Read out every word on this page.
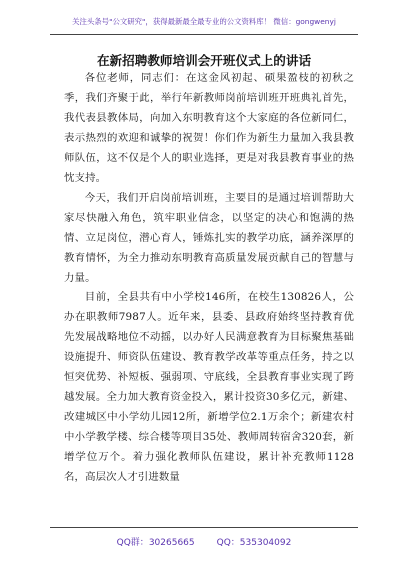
关注头条号"公文研究"，获得最新最全最专业的公文资料库！ 微信：gongwenyj
在新招聘教师培训会开班仪式上的讲话

各位老师，同志们：在这金风初起、硕果盈枝的初秋之季，我们齐聚于此，举行年新教师岗前培训班开班典礼首先，我代表县教体局，向加入东明教育这个大家庭的各位新同仁，表示热烈的欢迎和诚挚的祝贺！你们作为新生力量加入我县教师队伍，这不仅是个人的职业选择，更是对我县教育事业的热忱支持。

今天，我们开启岗前培训班，主要目的是通过培训帮助大家尽快融入角色，筑牢职业信念，以坚定的决心和饱满的热情、立足岗位，潜心育人，锤炼扎实的教学功底，涵养深厚的教育情怀，为全力推动东明教育高质量发展贡献自己的智慧与力量。

目前，全县共有中小学校146所，在校生130826人，公办在职教师7987人。近年来，县委、县政府始终坚持教育优先发展战略地位不动摇，以办好人民满意教育为目标聚焦基础设施提升、师资队伍建设、教育教学改革等重点任务，持之以恒突优势、补短板、强弱项、守底线，全县教育事业实现了跨越发展。全力加大教育资金投入，累计投资30多亿元，新建、改建城区中小学幼儿园12所，新增学位2.1万余个；新建农村中小学教学楼、综合楼等项目35处、教师周转宿舍320套，新增学位万个。着力强化教师队伍建设，累计补充教师1128名，高层次人才引进数量

QQ群：30265665 QQ：535304092
